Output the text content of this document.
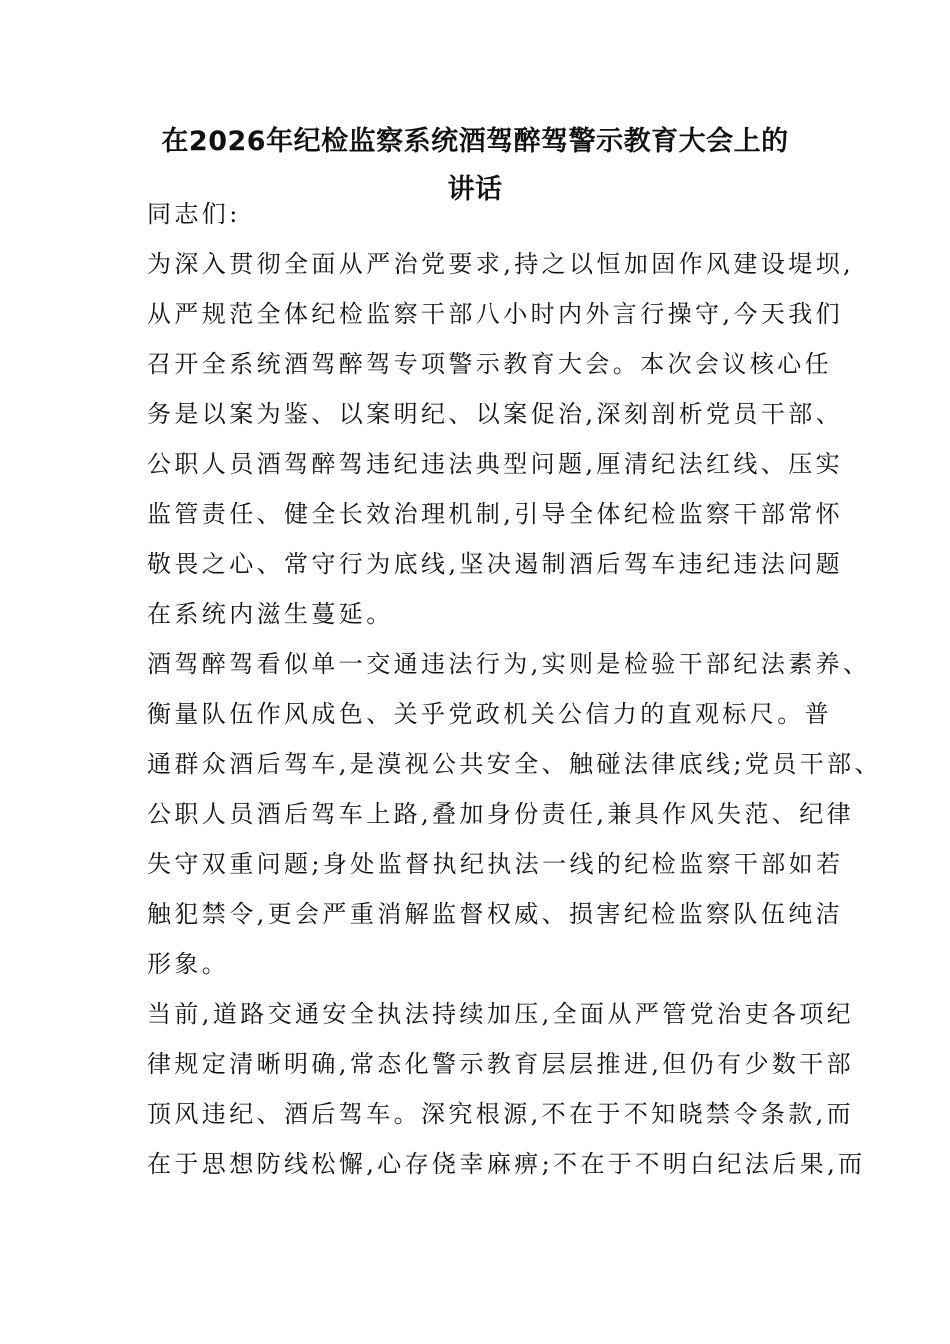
在2026年纪检监察系统酒驾醉驾警示教育大会上的
讲话
同志们:
为深入贯彻全面从严治党要求,持之以恒加固作风建设堤坝,
从严规范全体纪检监察干部八小时内外言行操守,今天我们
召开全系统酒驾醉驾专项警示教育大会。本次会议核心任
务是以案为鉴、以案明纪、以案促治,深刻剖析党员干部、
公职人员酒驾醉驾违纪违法典型问题,厘清纪法红线、压实
监管责任、健全长效治理机制,引导全体纪检监察干部常怀
敬畏之心、常守行为底线,坚决遏制酒后驾车违纪违法问题
在系统内滋生蔓延。
酒驾醉驾看似单一交通违法行为,实则是检验干部纪法素养、
衡量队伍作风成色、关乎党政机关公信力的直观标尺。普
通群众酒后驾车,是漠视公共安全、触碰法律底线;党员干部、
公职人员酒后驾车上路,叠加身份责任,兼具作风失范、纪律
失守双重问题;身处监督执纪执法一线的纪检监察干部如若
触犯禁令,更会严重消解监督权威、损害纪检监察队伍纯洁
形象。
当前,道路交通安全执法持续加压,全面从严管党治吏各项纪
律规定清晰明确,常态化警示教育层层推进,但仍有少数干部
顶风违纪、酒后驾车。深究根源,不在于不知晓禁令条款,而
在于思想防线松懈,心存侥幸麻痹;不在于不明白纪法后果,而
